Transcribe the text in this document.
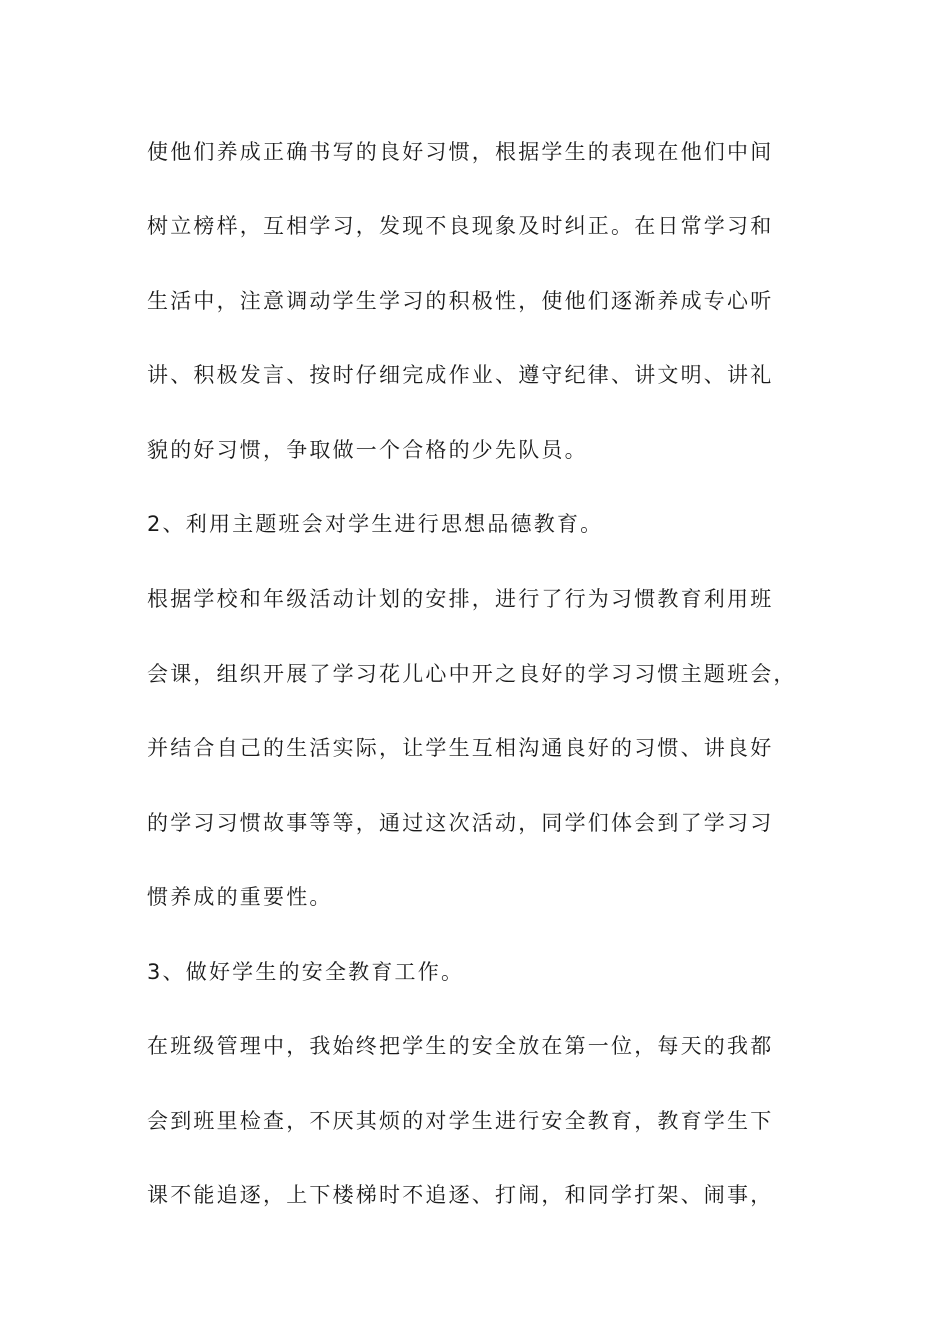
使他们养成正确书写的良好习惯，根据学生的表现在他们中间
树立榜样，互相学习，发现不良现象及时纠正。在日常学习和
生活中，注意调动学生学习的积极性，使他们逐渐养成专心听
讲、积极发言、按时仔细完成作业、遵守纪律、讲文明、讲礼
貌的好习惯，争取做一个合格的少先队员。
2、利用主题班会对学生进行思想品德教育。
根据学校和年级活动计划的安排，进行了行为习惯教育利用班
会课，组织开展了学习花儿心中开之良好的学习习惯主题班会，
并结合自己的生活实际，让学生互相沟通良好的习惯、讲良好
的学习习惯故事等等，通过这次活动，同学们体会到了学习习
惯养成的重要性。
3、做好学生的安全教育工作。
在班级管理中，我始终把学生的安全放在第一位，每天的我都
会到班里检查，不厌其烦的对学生进行安全教育，教育学生下
课不能追逐，上下楼梯时不追逐、打闹，和同学打架、闹事，
